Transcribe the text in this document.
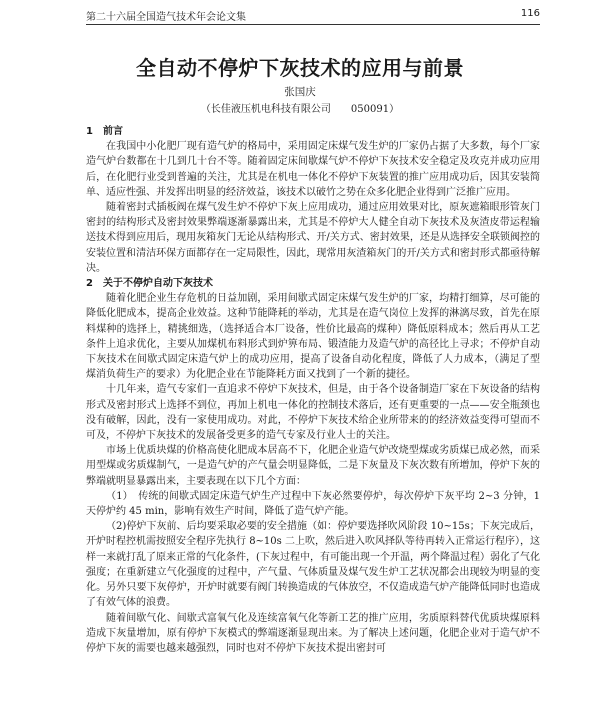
第二十六届全国造气技术年会论文集	116
全自动不停炉下灰技术的应用与前景
张国庆
（长佳液压机电科技有限公司　　050091）
1　前言

在我国中小化肥厂现有造气炉的格局中，采用固定床煤气发生炉的厂家仍占据了大多数，每个厂家造气炉台数都在十几到几十台不等。随着固定床间歇煤气炉不停炉下灰技术安全稳定及攻克并成功应用后，在化肥行业受到普遍的关注，尤其是在机电一体化不停炉下灰装置的推广应用成功后，因其安装简单、适应性强、并发挥出明显的经济效益，该技术以破竹之势在众多化肥企业得到广泛推广应用。

随着密封式插板阀在煤气发生炉不停炉下灰上应用成功，通过应用效果对比，原灰遮箱眼形管灰门密封的结构形式及密封效果弊端逐渐暴露出来，尤其是不停炉大人健全自动下灰技术及灰渣皮带运程输送技术得到应用后，现用灰箱灰门无论从结构形式、开/关方式、密封效果，还是从选择安全联锁阀控的安装位置和清洁环保方面都存在一定局限性，因此，现常用灰渣箱灰门的开/关方式和密封形式都亟待解决。

2　关于不停炉自动下灰技术

随着化肥企业生存危机的日益加剧，采用间歇式固定床煤气发生炉的厂家，均精打细算，尽可能的降低化肥成本，提高企业效益。这种节能降耗的举动，尤其是在造气岗位上发挥的淋漓尽致，首先在原料煤种的选择上，精挑细选，（选择适合本厂设备，性价比最高的煤种）降低原料成本；然后再从工艺条件上追求优化，主要从加煤机布料形式到炉箅布局、锻渣能力及造气炉的高径比上寻求；不停炉自动下灰技术在间歇式固定床造气炉上的成功应用，提高了设备自动化程度，降低了人力成本，（满足了型煤消负荷生产的要求）为化肥企业在节能降耗方面又找到了一个新的捷径。

十几年来，造气专家们一直追求不停炉下灰技术，但是，由于各个设备制造厂家在下灰设备的结构形式及密封形式上选择不到位，再加上机电一体化的控制技术落后，还有更重要的一点——安全瓶颈也没有破解，因此，没有一家使用成功。对此，不停炉下灰技术给企业所带来的的经济效益变得可望而不可及，不停炉下灰技术的发展备受更多的造气专家及行业人士的关注。

市场上优质块煤的价格高使化肥成本居高不下，化肥企业造气炉改烧型煤或劣质煤已成必然，而采用型煤或劣质煤制气，一是造气炉的产气量会明显降低，二是下灰量及下灰次数有所增加，停炉下灰的弊端就明显暴露出来，主要表现在以下几个方面：

（1）　传统的间歇式固定床造气炉生产过程中下灰必然要停炉，每次停炉下灰平均 2~3 分钟，1 天停炉约 45 min，影响有效生产时间，降低了造气炉产能。

（2)停炉下灰前、后均要采取必要的安全措施（如：停炉要选择吹风阶段 10~15s；下灰完成后，开炉时程控机需按照安全程序先执行 8~10s 二上吹，然后进入吹风择队等待再转入正常运行程序），这样一来就打乱了原来正常的气化条件，(下灰过程中，有可能出现一个开温，两个降温过程）弱化了气化强度；在重新建立气化强度的过程中，产气量、气体质量及煤气发生炉工艺状况都会出现较为明显的变化。另外只要下灰停炉，开炉时就要有阀门转换造成的气体放空，不仅造成造气炉产能降低同时也造成了有效气体的浪费。

随着间歇气化、间歇式富氧气化及连续富氧气化等新工艺的推广应用，劣质原料替代优质块煤原料造成下灰量增加，原有停炉下灰模式的弊端逐渐显现出来。为了解决上述问题，化肥企业对于造气炉不停炉下灰的需要也越来越强烈，同时也对不停炉下灰技术提出密封可
